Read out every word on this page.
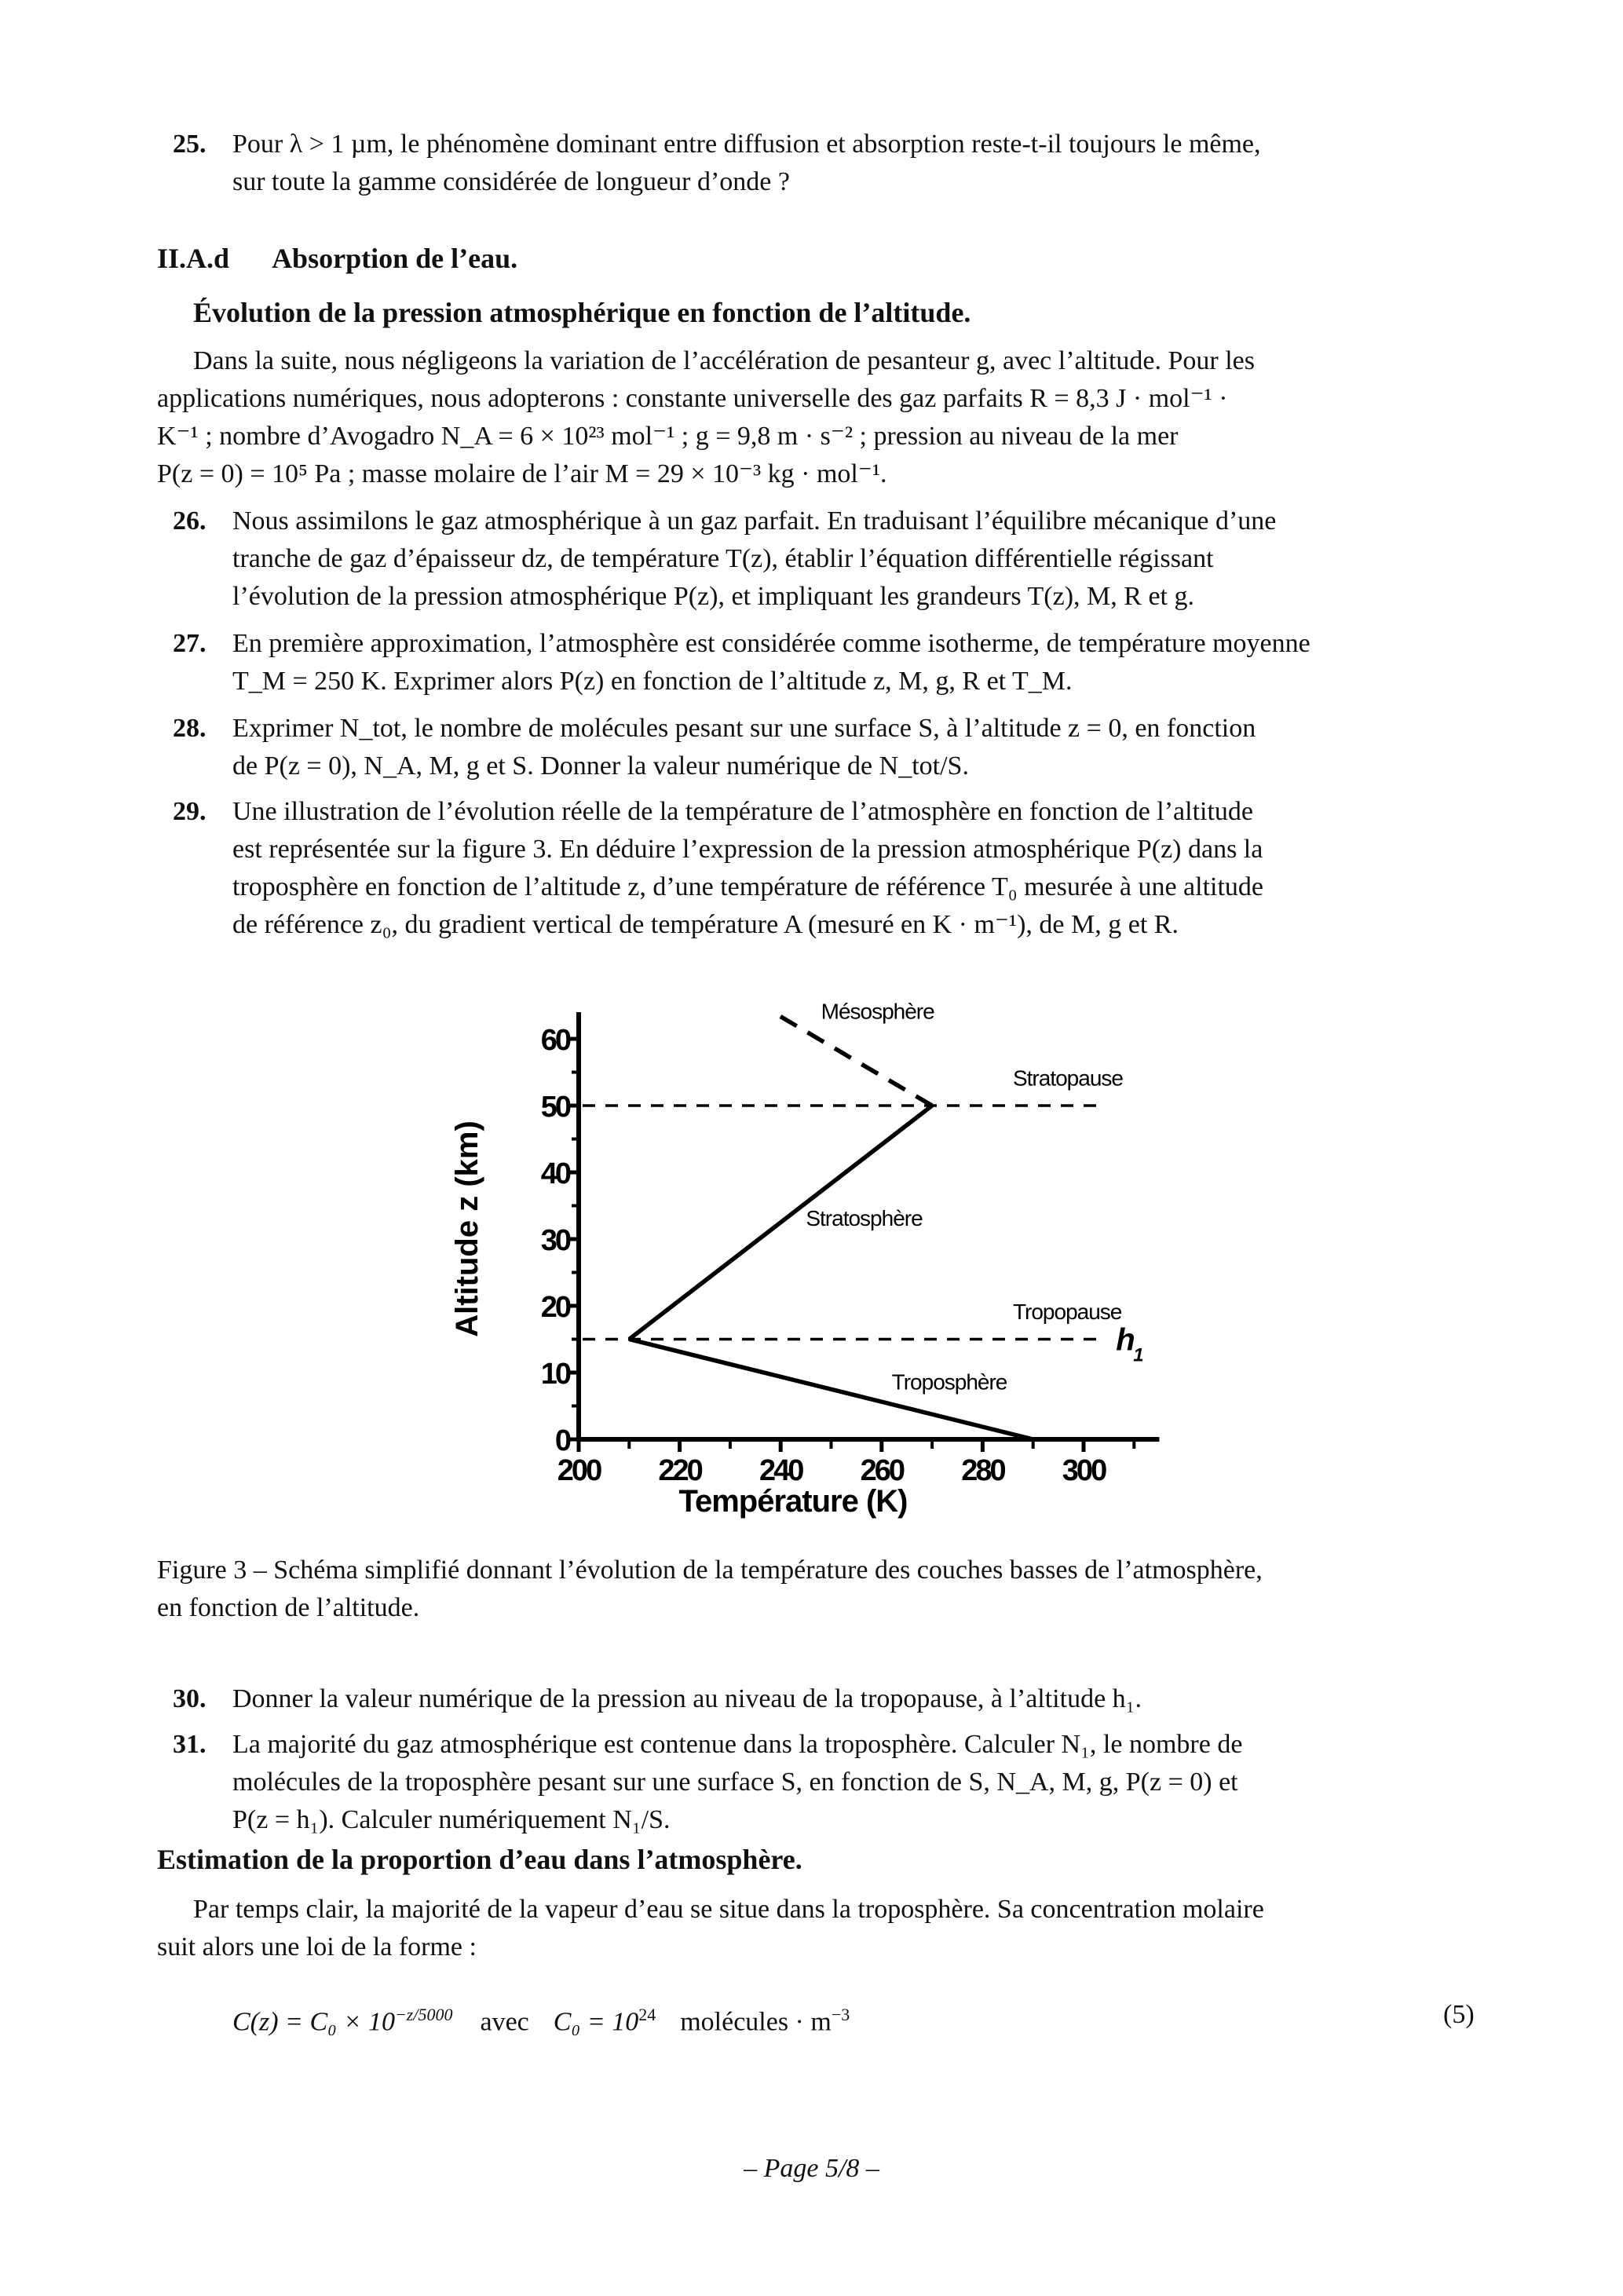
25. Pour λ > 1 µm, le phénomène dominant entre diffusion et absorption reste-t-il toujours le même,
sur toute la gamme considérée de longueur d’onde ?
II.A.d Absorption de l’eau.
Évolution de la pression atmosphérique en fonction de l’altitude.
Dans la suite, nous négligeons la variation de l’accélération de pesanteur g, avec l’altitude. Pour les
applications numériques, nous adopterons : constante universelle des gaz parfaits R = 8,3 J · mol⁻¹ ·
K⁻¹ ; nombre d’Avogadro N_A = 6 × 10²³ mol⁻¹ ; g = 9,8 m · s⁻² ; pression au niveau de la mer
P(z = 0) = 10⁵ Pa ; masse molaire de l’air M = 29 × 10⁻³ kg · mol⁻¹.
26. Nous assimilons le gaz atmosphérique à un gaz parfait. En traduisant l’équilibre mécanique d’une
tranche de gaz d’épaisseur dz, de température T(z), établir l’équation différentielle régissant
l’évolution de la pression atmosphérique P(z), et impliquant les grandeurs T(z), M, R et g.
27. En première approximation, l’atmosphère est considérée comme isotherme, de température moyenne
T_M = 250 K. Exprimer alors P(z) en fonction de l’altitude z, M, g, R et T_M.
28. Exprimer N_tot, le nombre de molécules pesant sur une surface S, à l’altitude z = 0, en fonction
de P(z = 0), N_A, M, g et S. Donner la valeur numérique de N_tot/S.
29. Une illustration de l’évolution réelle de la température de l’atmosphère en fonction de l’altitude
est représentée sur la figure 3. En déduire l’expression de la pression atmosphérique P(z) dans la
troposphère en fonction de l’altitude z, d’une température de référence T₀ mesurée à une altitude
de référence z₀, du gradient vertical de température A (mesuré en K · m⁻¹), de M, g et R.
200 220 240 260 280 300
0
10
20
30
40
50
60
h
1
Mésosphère
Stratopause
Stratosphère
Tropopause
Troposphère
Température (K)
Altitude z (km)
Figure 3 – Schéma simplifié donnant l’évolution de la température des couches basses de l’atmosphère,
en fonction de l’altitude.
30. Donner la valeur numérique de la pression au niveau de la tropopause, à l’altitude h₁.
31. La majorité du gaz atmosphérique est contenue dans la troposphère. Calculer N₁, le nombre de
molécules de la troposphère pesant sur une surface S, en fonction de S, N_A, M, g, P(z = 0) et
P(z = h₁). Calculer numériquement N₁/S.
Estimation de la proportion d’eau dans l’atmosphère.
Par temps clair, la majorité de la vapeur d’eau se situe dans la troposphère. Sa concentration molaire
suit alors une loi de la forme :
$C(z) = C_0 \times 10^{-z/5000}$ avec $C_0 = 10^{24}$ molécules · $m^{-3}$	(5)
– Page 5/8 –
